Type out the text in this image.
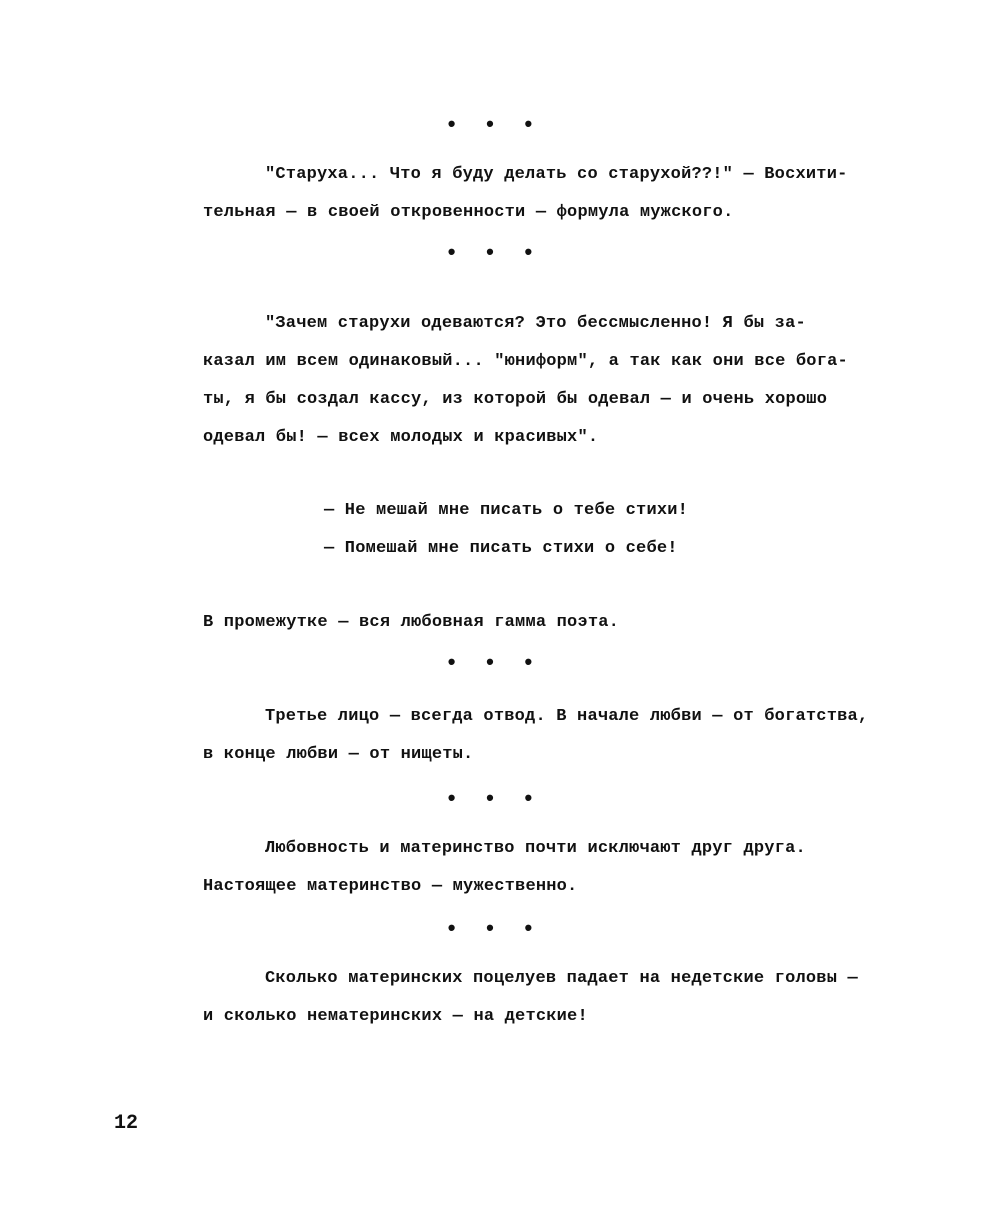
• • •
"Старуха... Что я буду делать со старухой??!" — Восхити-
тельная — в своей откровенности — формула мужского.
• • •
"Зачем старухи одеваются? Это бессмысленно! Я бы за-
казал им всем одинаковый... "юниформ", а так как они все бога-
ты, я бы создал кассу, из которой бы одевал — и очень хорошо
одевал бы! — всех молодых и красивых".
— Не мешай мне писать о тебе стихи!
— Помешай мне писать стихи о себе!
В промежутке — вся любовная гамма поэта.
• • •
Третье лицо — всегда отвод. В начале любви — от богатства,
в конце любви — от нищеты.
• • •
Любовность и материнство почти исключают друг друга.
Настоящее материнство — мужественно.
• • •
Сколько материнских поцелуев падает на недетские головы —
и сколько нематеринских — на детские!
12
